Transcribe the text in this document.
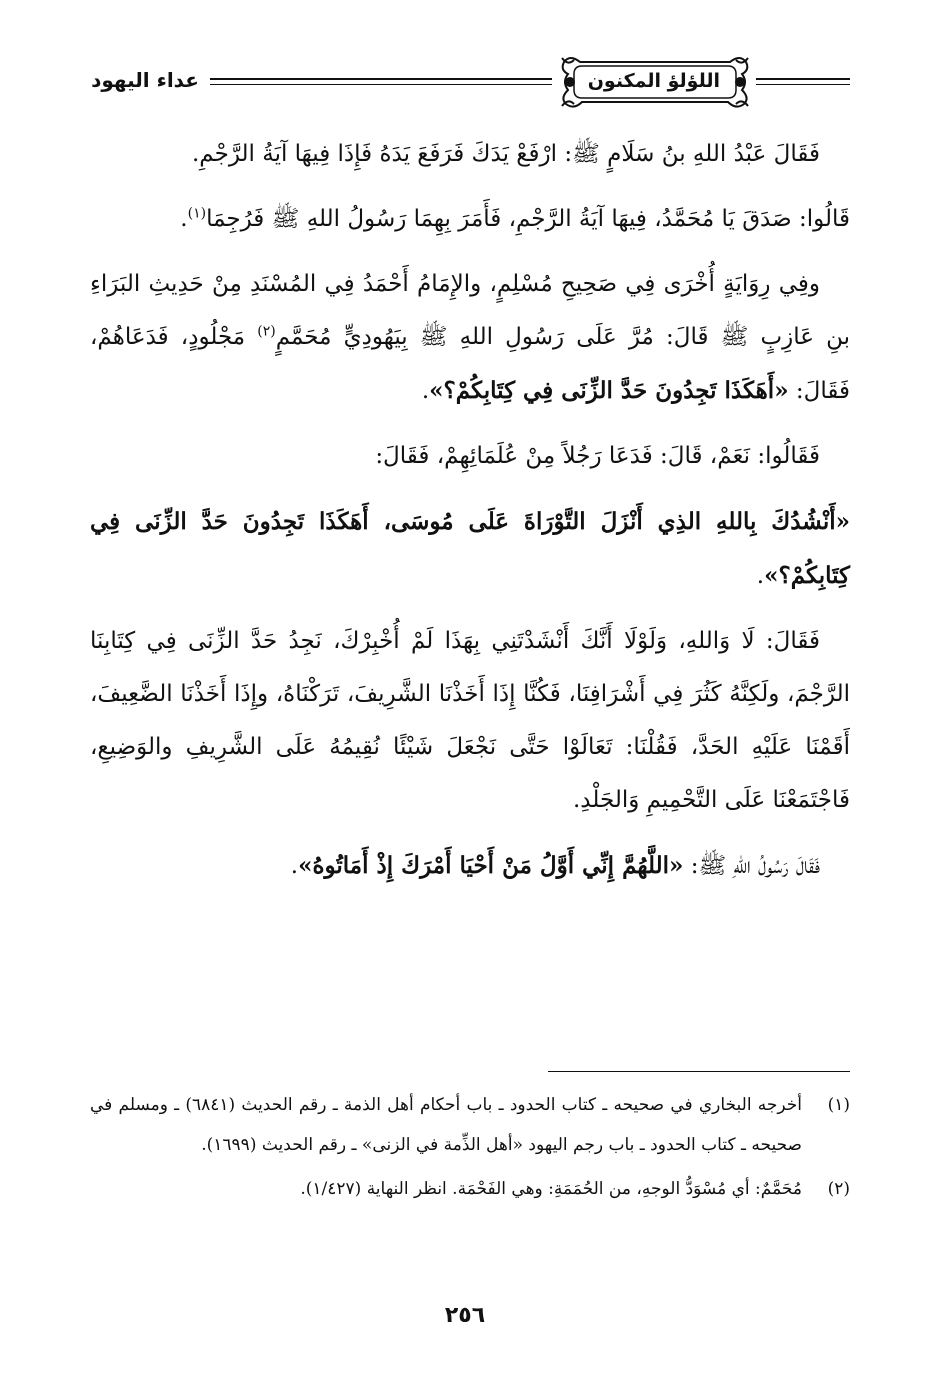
عداء اليهود	اللؤلؤ المكنون

فَقَالَ عَبْدُ اللهِ بنُ سَلَامٍ ﷺ: ارْفَعْ يَدَكَ فَرَفَعَ يَدَهُ فَإِذَا فِيهَا آيَةُ الرَّجْمِ.

قَالُوا: صَدَقَ يَا مُحَمَّدُ، فِيهَا آيَةُ الرَّجْمِ، فَأَمَرَ بِهِمَا رَسُولُ اللهِ ﷺ فَرُجِمَا$^{(١)}$.

وفِي رِوَايَةٍ أُخْرَى فِي صَحِيحِ مُسْلِمٍ، والإِمَامُ أَحْمَدُ فِي المُسْنَدِ مِنْ حَدِيثِ البَرَاءِ بنِ عَازِبٍ ﷺ قَالَ: مُرَّ عَلَى رَسُولِ اللهِ ﷺ بِيَهُودِيٍّ مُحَمَّمٍ$^{(٢)}$ مَجْلُودٍ، فَدَعَاهُمْ، فَقَالَ: «أَهَكَذَا تَجِدُونَ حَدَّ الزِّنَى فِي كِتَابِكُمْ؟».

فَقَالُوا: نَعَمْ، قَالَ: فَدَعَا رَجُلاً مِنْ عُلَمَائِهِمْ، فَقَالَ:

«أَنْشُدُكَ بِاللهِ الذِي أَنْزَلَ التَّوْرَاةَ عَلَى مُوسَى، أَهَكَذَا تَجِدُونَ حَدَّ الزِّنَى فِي كِتَابِكُمْ؟».

فَقَالَ: لَا وَاللهِ، وَلَوْلَا أَنَّكَ أَنْشَدْتَنِي بِهَذَا لَمْ أُخْبِرْكَ، نَجِدُ حَدَّ الزِّنَى فِي كِتَابِنَا الرَّجْمَ، ولَكِنَّهُ كَثُرَ فِي أَشْرَافِنَا، فَكُنَّا إِذَا أَخَذْنَا الشَّرِيفَ، تَرَكْنَاهُ، وإِذَا أَخَذْنَا الضَّعِيفَ، أَقَمْنَا عَلَيْهِ الحَدَّ، فَقُلْنَا: تَعَالَوْا حَتَّى نَجْعَلَ شَيْئًا نُقِيمُهُ عَلَى الشَّرِيفِ والوَضِيعِ، فَاجْتَمَعْنَا عَلَى التَّحْمِيمِ وَالجَلْدِ.

فَقَالَ رَسُولُ اللهِ ﷺ: «اللَّهُمَّ إِنِّي أَوَّلُ مَنْ أَحْيَا أَمْرَكَ إِذْ أَمَاتُوهُ».

(١)
أخرجه البخاري في صحيحه ـ كتاب الحدود ـ باب أحكام أهل الذمة ـ رقم الحديث (٦٨٤١) ـ ومسلم في صحيحه ـ كتاب الحدود ـ باب رجم اليهود «أهل الذِّمة في الزنى» ـ رقم الحديث (١٦٩٩).
(٢)
مُحَمَّمٌ: أي مُسْوَدُّ الوجهِ، من الحُمَمَةِ: وهي الفَحْمَة. انظر النهاية (١/٤٢٧).
٢٥٦
